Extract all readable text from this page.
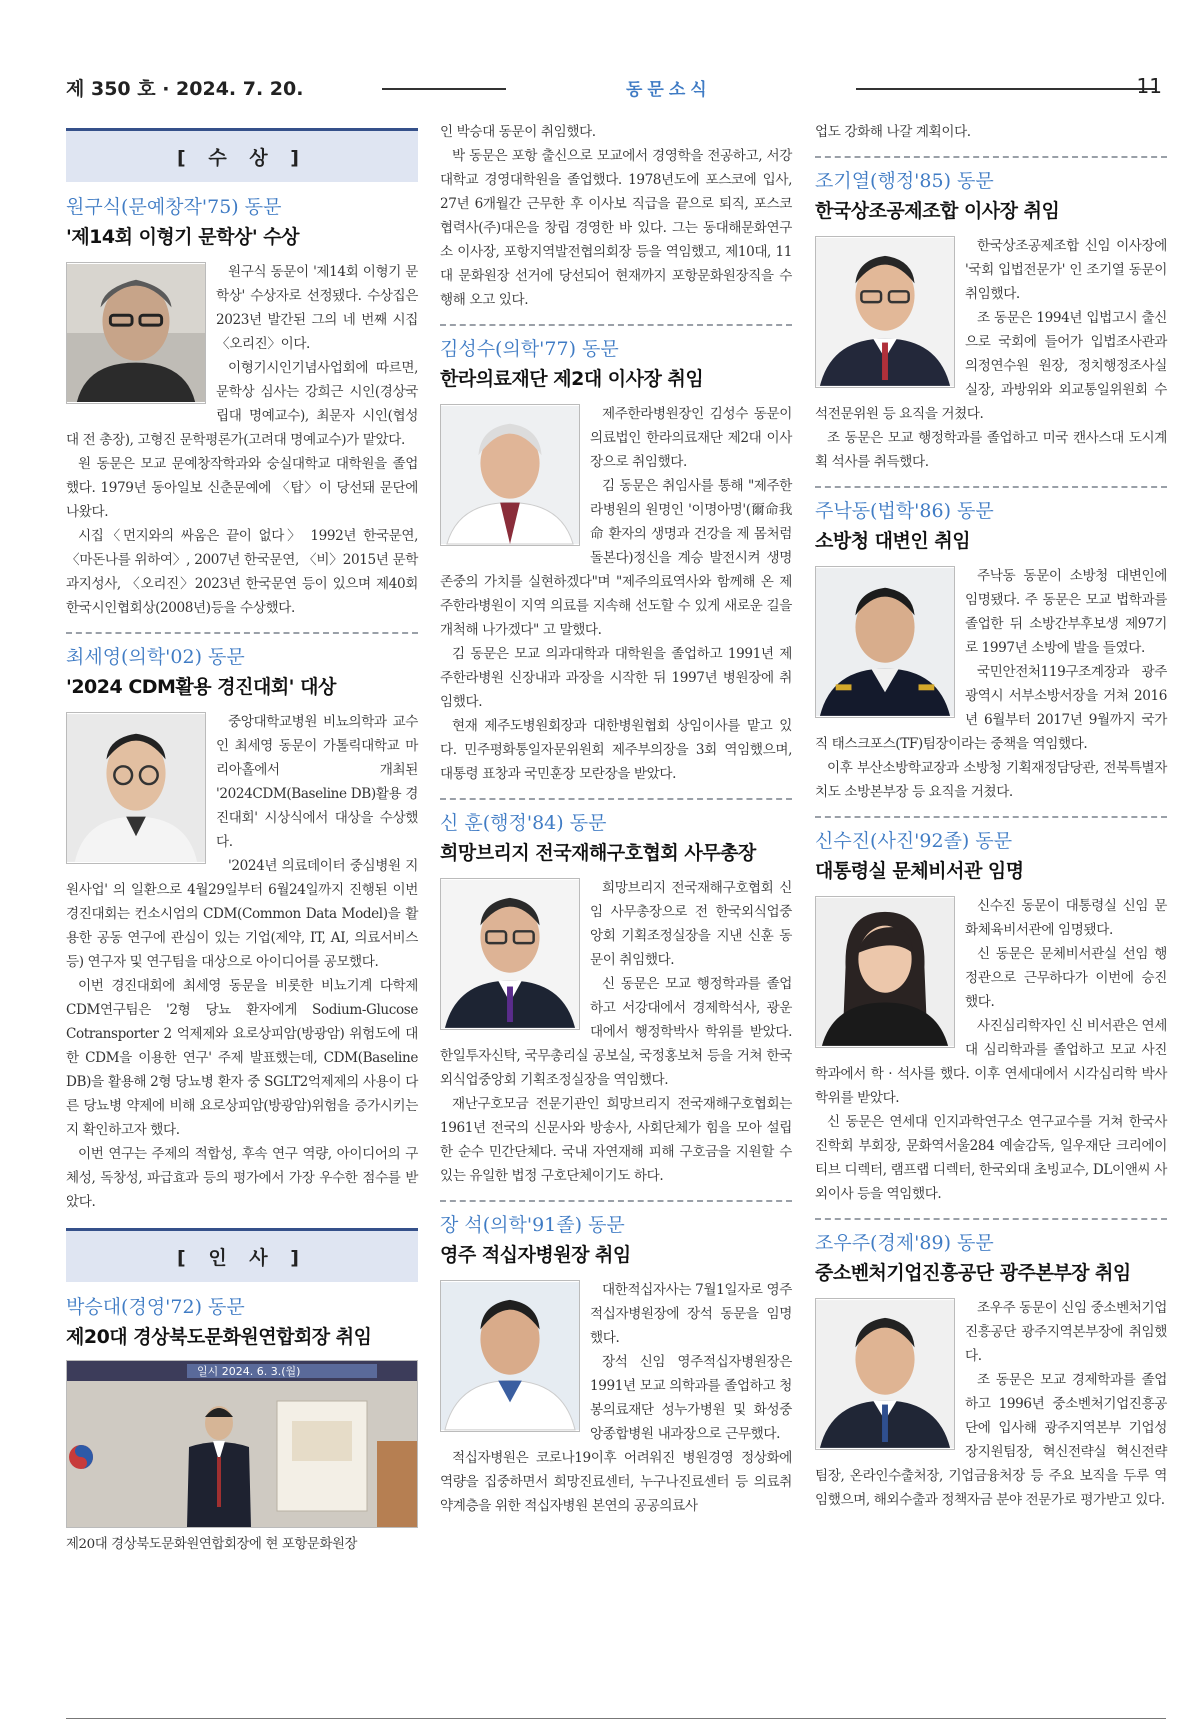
제 350 호 · 2024. 7. 20.	동문소식	11
[ 수 상 ]
원구식(문예창작'75) 동문
'제14회 이형기 문학상' 수상

원구식 동문이 '제14회 이형기 문학상' 수상자로 선정됐다. 수상집은 2023년 발간된 그의 네 번째 시집 〈오리진〉이다.

이형기시인기념사업회에 따르면, 문학상 심사는 강희근 시인(경상국립대 명예교수), 최문자 시인(협성대 전 총장), 고형진 문학평론가(고려대 명예교수)가 맡았다.

원 동문은 모교 문예창작학과와 숭실대학교 대학원을 졸업했다. 1979년 동아일보 신춘문예에 〈탑〉이 당선돼 문단에 나왔다.

시집〈먼지와의 싸움은 끝이 없다〉 1992년 한국문연, 〈마돈나를 위하여〉, 2007년 한국문연, 〈비〉2015년 문학과지성사, 〈오리진〉2023년 한국문연 등이 있으며 제40회 한국시인협회상(2008년)등을 수상했다.

최세영(의학'02) 동문
'2024 CDM활용 경진대회' 대상

중앙대학교병원 비뇨의학과 교수인 최세영 동문이 가톨릭대학교 마리아홀에서 개최된 '2024CDM(Baseline DB)활용 경진대회' 시상식에서 대상을 수상했다.

'2024년 의료데이터 중심병원 지원사업' 의 일환으로 4월29일부터 6월24일까지 진행된 이번 경진대회는 컨소시엄의 CDM(Common Data Model)을 활용한 공동 연구에 관심이 있는 기업(제약, IT, AI, 의료서비스 등) 연구자 및 연구팀을 대상으로 아이디어를 공모했다.

이번 경진대회에 최세영 동문을 비롯한 비뇨기계 다학제CDM연구팀은 '2형 당뇨 환자에게 Sodium-Glucose Cotransporter 2 억제제와 요로상피암(방광암) 위험도에 대한 CDM을 이용한 연구' 주제 발표했는데, CDM(Baseline DB)을 활용해 2형 당뇨병 환자 중 SGLT2억제제의 사용이 다른 당뇨병 약제에 비해 요로상피암(방광암)위험을 증가시키는지 확인하고자 했다.

이번 연구는 주제의 적합성, 후속 연구 역량, 아이디어의 구체성, 독창성, 파급효과 등의 평가에서 가장 우수한 점수를 받았다.

[ 인 사 ]
박승대(경영'72) 동문
제20대 경상북도문화원연합회장 취임
일시 2024. 6. 3.(월)
제20대 경상북도문화원연합회장에 현 포항문화원장

인 박승대 동문이 취임했다.

박 동문은 포항 출신으로 모교에서 경영학을 전공하고, 서강대학교 경영대학원을 졸업했다. 1978년도에 포스코에 입사, 27년 6개월간 근무한 후 이사보 직급을 끝으로 퇴직, 포스코협력사(주)대은을 창립 경영한 바 있다. 그는 동대해문화연구소 이사장, 포항지역발전협의회장 등을 역임했고, 제10대, 11대 문화원장 선거에 당선되어 현재까지 포항문화원장직을 수행해 오고 있다.

김성수(의학'77) 동문
한라의료재단 제2대 이사장 취임

제주한라병원장인 김성수 동문이 의료법인 한라의료재단 제2대 이사장으로 취임했다.

김 동문은 취임사를 통해 "제주한라병원의 원명인 '이명아명'(爾命我命 환자의 생명과 건강을 제 몸처럼 돌본다)정신을 계승 발전시켜 생명존중의 가치를 실현하겠다"며 "제주의료역사와 함께해 온 제주한라병원이 지역 의료를 지속해 선도할 수 있게 새로운 길을 개척해 나가겠다" 고 말했다.

김 동문은 모교 의과대학과 대학원을 졸업하고 1991년 제주한라병원 신장내과 과장을 시작한 뒤 1997년 병원장에 취임했다.

현재 제주도병원회장과 대한병원협회 상임이사를 맡고 있다. 민주평화통일자문위원회 제주부의장을 3회 역임했으며, 대통령 표창과 국민훈장 모란장을 받았다.

신 훈(행정'84) 동문
희망브리지 전국재해구호협회 사무총장

희망브리지 전국재해구호협회 신임 사무총장으로 전 한국외식업중앙회 기획조정실장을 지낸 신훈 동문이 취임했다.

신 동문은 모교 행정학과를 졸업하고 서강대에서 경제학석사, 광운대에서 행정학박사 학위를 받았다. 한일투자신탁, 국무총리실 공보실, 국정홍보처 등을 거쳐 한국외식업중앙회 기획조정실장을 역임했다.

재난구호모금 전문기관인 희망브리지 전국재해구호협회는 1961년 전국의 신문사와 방송사, 사회단체가 힘을 모아 설립한 순수 민간단체다. 국내 자연재해 피해 구호금을 지원할 수 있는 유일한 법정 구호단체이기도 하다.

장 석(의학'91졸) 동문
영주 적십자병원장 취임

대한적십자사는 7월1일자로 영주적십자병원장에 장석 동문을 임명했다.

장석 신임 영주적십자병원장은 1991년 모교 의학과를 졸업하고 청봉의료재단 성누가병원 및 화성중앙종합병원 내과장으로 근무했다.

적십자병원은 코로나19이후 어려워진 병원경영 정상화에 역량을 집중하면서 희망진료센터, 누구나진료센터 등 의료취약계층을 위한 적십자병원 본연의 공공의료사

업도 강화해 나갈 계획이다.

조기열(행정'85) 동문
한국상조공제조합 이사장 취임

한국상조공제조합 신임 이사장에 '국회 입법전문가' 인 조기열 동문이 취임했다.

조 동문은 1994년 입법고시 출신으로 국회에 들어가 입법조사관과 의정연수원 원장, 정치행정조사실 실장, 과방위와 외교통일위원회 수석전문위원 등 요직을 거쳤다.

조 동문은 모교 행정학과를 졸업하고 미국 캔사스대 도시계획 석사를 취득했다.

주낙동(법학'86) 동문
소방청 대변인 취임

주낙동 동문이 소방청 대변인에 임명됐다. 주 동문은 모교 법학과를 졸업한 뒤 소방간부후보생 제97기로 1997년 소방에 발을 들였다.

국민안전처119구조계장과 광주광역시 서부소방서장을 거쳐 2016년 6월부터 2017년 9월까지 국가직 태스크포스(TF)팀장이라는 중책을 역임했다.

이후 부산소방학교장과 소방청 기획재정담당관, 전북특별자치도 소방본부장 등 요직을 거쳤다.

신수진(사진'92졸) 동문
대통령실 문체비서관 임명

신수진 동문이 대통령실 신임 문화체육비서관에 임명됐다.

신 동문은 문체비서관실 선임 행정관으로 근무하다가 이번에 승진했다.

사진심리학자인 신 비서관은 연세대 심리학과를 졸업하고 모교 사진학과에서 학 · 석사를 했다. 이후 연세대에서 시각심리학 박사 학위를 받았다.

신 동문은 연세대 인지과학연구소 연구교수를 거쳐 한국사진학회 부회장, 문화역서울284 예술감독, 일우재단 크리에이티브 디렉터, 램프랩 디렉터, 한국외대 초빙교수, DL이앤씨 사외이사 등을 역임했다.

조우주(경제'89) 동문
중소벤처기업진흥공단 광주본부장 취임

조우주 동문이 신임 중소벤처기업진흥공단 광주지역본부장에 취임했다.

조 동문은 모교 경제학과를 졸업하고 1996년 중소벤처기업진흥공단에 입사해 광주지역본부 기업성장지원팀장, 혁신전략실 혁신전략팀장, 온라인수출처장, 기업금융처장 등 주요 보직을 두루 역임했으며, 해외수출과 정책자금 분야 전문가로 평가받고 있다.
